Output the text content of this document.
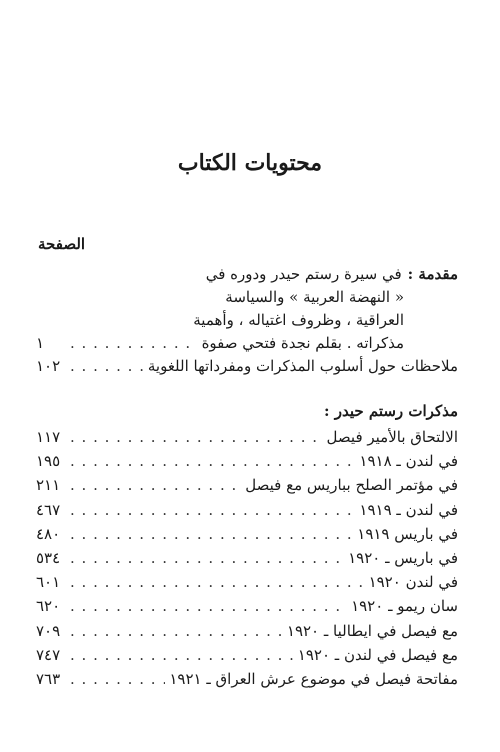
محتويات الكتاب
الصفحة
مقدمة :
في سيرة رستم حيدر ودوره في
« النهضة العربية » والسياسة
العراقية ، وظروف اغتياله ، وأهمية
مذكراته . بقلم نجدة فتحي صفوة
. . .
١
ملاحظات حول أسلوب المذكرات ومفرداتها اللغوية
. . .
١٠٢
مذكرات رستم حيدر :
الالتحاق بالأمير فيصل
. . .
١١٧
في لندن ـ ١٩١٨
. . .
١٩٥
في مؤتمر الصلح بباريس مع فيصل
. . .
٢١١
في لندن ـ ١٩١٩
. . .
٤٦٧
في باريس ١٩١٩
. . .
٤٨٠
في باريس ـ ١٩٢٠
. . .
٥٣٤
في لندن ١٩٢٠
. . .
٦٠١
سان ريمو ـ ١٩٢٠
. . .
٦٢٠
مع فيصل في ايطاليا ـ ١٩٢٠
. . .
٧٠٩
مع فيصل في لندن ـ ١٩٢٠
. . .
٧٤٧
مفاتحة فيصل في موضوع عرش العراق ـ ١٩٢١
. . .
٧٦٣
